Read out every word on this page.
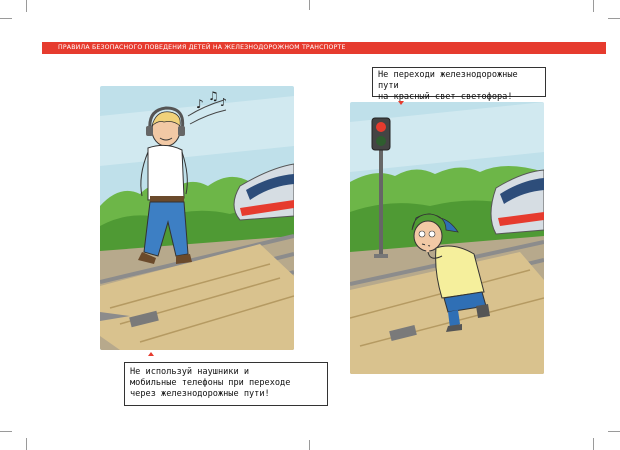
ПРАВИЛА БЕЗОПАСНОГО ПОВЕДЕНИЯ ДЕТЕЙ НА ЖЕЛЕЗНОДОРОЖНОМ ТРАНСПОРТЕ
♪
♫ ♪
Не переходи железнодорожные пути
на красный свет светофора!
Не используй наушники и
мобильные телефоны при переходе
через железнодорожные пути!
